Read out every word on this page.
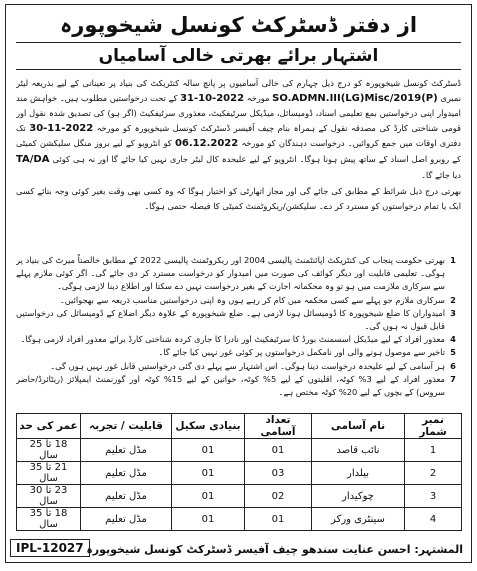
از دفتر ڈسٹرکٹ کونسل شیخوپورہ
اشتہار برائے بھرتی خالی آسامیاں

ڈسٹرکٹ کونسل شیخوپورہ کو درج ذیل چہارم کی خالی آسامیوں پر پانچ سالہ کنٹریکٹ کی بنیاد پر تعیناتی کے لیے بذریعہ لیٹر نمبری SO.ADMN.III(LG)Misc/2019(P) مورخہ 31-10-2022 کے تحت درخواستیں مطلوب ہیں۔ خواہش مند امیدوار اپنی درخواستیں بمع تعلیمی اسناد، ڈومیسائل، میڈیکل سرٹیفکیٹ، معذوری سرٹیفکیٹ (اگر ہو) کی تصدیق شدہ نقول اور قومی شناختی کارڈ کی مصدقہ نقول کے ہمراہ بنام چیف آفیسر ڈسٹرکٹ کونسل شیخوپورہ کو مورخہ 30-11-2022 تک دفتری اوقات میں جمع کروائیں۔ درخواست دہندگان کو مورخہ 06.12.2022 کو انٹرویو کے لیے بروز منگل سلیکشن کمیٹی کے روبرو اصل اسناد کے ساتھ پیش ہونا ہوگا۔ انٹرویو کے لیے علیحدہ کال لیٹر جاری نہیں کیا جائے گا اور نہ ہی کوئی TA/DA دیا جائے گا۔

بھرتی درج ذیل شرائط کے مطابق کی جائے گی اور مجاز اتھارٹی کو اختیار ہوگا کہ وہ کسی بھی وقت بغیر کوئی وجہ بتائے کسی ایک یا تمام درخواستوں کو مسترد کر دے۔ سلیکشن/ریکروٹمنٹ کمیٹی کا فیصلہ حتمی ہوگا۔

1
بھرتی حکومت پنجاب کی کنٹریکٹ اپائنٹمنٹ پالیسی 2004 اور ریکروٹمنٹ پالیسی 2022 کے مطابق خالصتاً میرٹ کی بنیاد پر ہوگی۔ تعلیمی قابلیت اور دیگر کوائف کی صورت میں امیدوار کو درخواست مسترد کر دی جائے گی۔ اگر کوئی ملازم پہلے سے سرکاری ملازمت میں ہو تو وہ محکمانہ اجازت کے بغیر درخواست نہیں دے سکتا اور اطلاع دینا لازمی ہوگی۔
2
سرکاری ملازم جو پہلے سے کسی محکمہ میں کام کر رہے ہوں وہ اپنی درخواستیں مناسب ذریعہ سے بھجوائیں۔
3
امیدواران کا ضلع شیخوپورہ کا ڈومیسائل ہونا لازمی ہے۔ ضلع شیخوپورہ کے علاوہ دیگر اضلاع کے ڈومیسائل کی درخواستیں قابل قبول نہ ہوں گی۔
4
معذور افراد کے لیے میڈیکل اسسمنٹ بورڈ کا سرٹیفکیٹ اور نادرا کا جاری کردہ شناختی کارڈ برائے معذور افراد لازمی ہوگا۔
5
تاخیر سے موصول ہونے والی اور نامکمل درخواستوں پر کوئی غور نہیں کیا جائے گا۔
6
ہر آسامی کے لیے علیحدہ درخواست دینا ہوگی۔ اس اشتہار سے پہلے دی گئی درخواستیں قابل غور نہیں ہوں گی۔
7
معذور افراد کے لیے 3% کوٹہ، اقلیتوں کے لیے 5% کوٹہ، خواتین کے لیے 15% کوٹہ اور گورنمنٹ ایمپلائز (ریٹائرڈ/حاضر سروس) کے بچوں کے لیے 20% کوٹہ مختص ہے۔
نمبر شمار	نام آسامی	تعداد آسامی	بنیادی سکیل	قابلیت / تجربہ	عمر کی حد
1	نائب قاصد	01	01	مڈل تعلیم	18 تا 25 سال
2	بیلدار	03	01	مڈل تعلیم	21 تا 35 سال
3	چوکیدار	02	01	مڈل تعلیم	23 تا 30 سال
4	سینٹری ورکر	01	01	مڈل تعلیم	18 تا 35 سال
IPL-12027 المشتہر: احسن عنایت سندھو چیف آفیسر ڈسٹرکٹ کونسل شیخوپورہ
